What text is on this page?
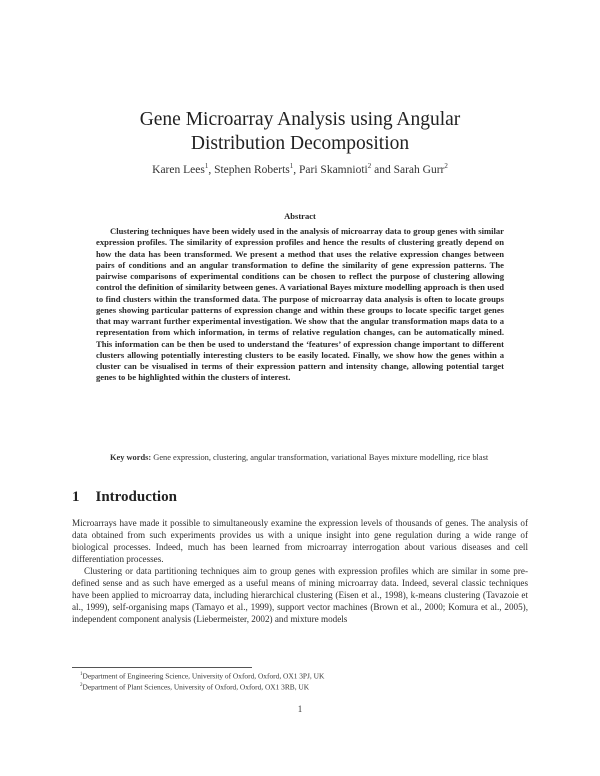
Gene Microarray Analysis using Angular
Distribution Decomposition
Karen Lees$^1$, Stephen Roberts$^1$, Pari Skamnioti$^2$ and Sarah Gurr$^2$
Abstract
Clustering techniques have been widely used in the analysis of microarray data to group genes with similar expression profiles. The similarity of expression profiles and hence the results of clustering greatly depend on how the data has been transformed. We present a method that uses the relative expression changes between pairs of conditions and an angular transformation to define the similarity of gene expression patterns. The pairwise comparisons of experimental conditions can be chosen to reflect the purpose of clustering allowing control the definition of similarity between genes. A variational Bayes mixture modelling approach is then used to find clusters within the transformed data. The purpose of microarray data analysis is often to locate groups genes showing particular patterns of expression change and within these groups to locate specific target genes that may warrant further experimental investigation. We show that the angular transformation maps data to a representation from which information, in terms of relative regulation changes, can be automatically mined. This information can be then be used to understand the ‘features’ of expression change important to different clusters allowing potentially interesting clusters to be easily located. Finally, we show how the genes within a cluster can be visualised in terms of their expression pattern and intensity change, allowing potential target genes to be highlighted within the clusters of interest.
Key words: Gene expression, clustering, angular transformation, variational Bayes mixture modelling, rice blast
1 Introduction
Microarrays have made it possible to simultaneously examine the expression levels of thousands of genes. The analysis of data obtained from such experiments provides us with a unique insight into gene regulation during a wide range of biological processes. Indeed, much has been learned from microarray interrogation about various diseases and cell differentiation processes.
Clustering or data partitioning techniques aim to group genes with expression profiles which are similar in some pre-defined sense and as such have emerged as a useful means of mining microarray data. Indeed, several classic techniques have been applied to microarray data, including hierarchical clustering (Eisen et al., 1998), k-means clustering (Tavazoie et al., 1999), self-organising maps (Tamayo et al., 1999), support vector machines (Brown et al., 2000; Komura et al., 2005), independent component analysis (Liebermeister, 2002) and mixture models
$^1$Department of Engineering Science, University of Oxford, Oxford, OX1 3PJ, UK
$^2$Department of Plant Sciences, University of Oxford, Oxford, OX1 3RB, UK
1
